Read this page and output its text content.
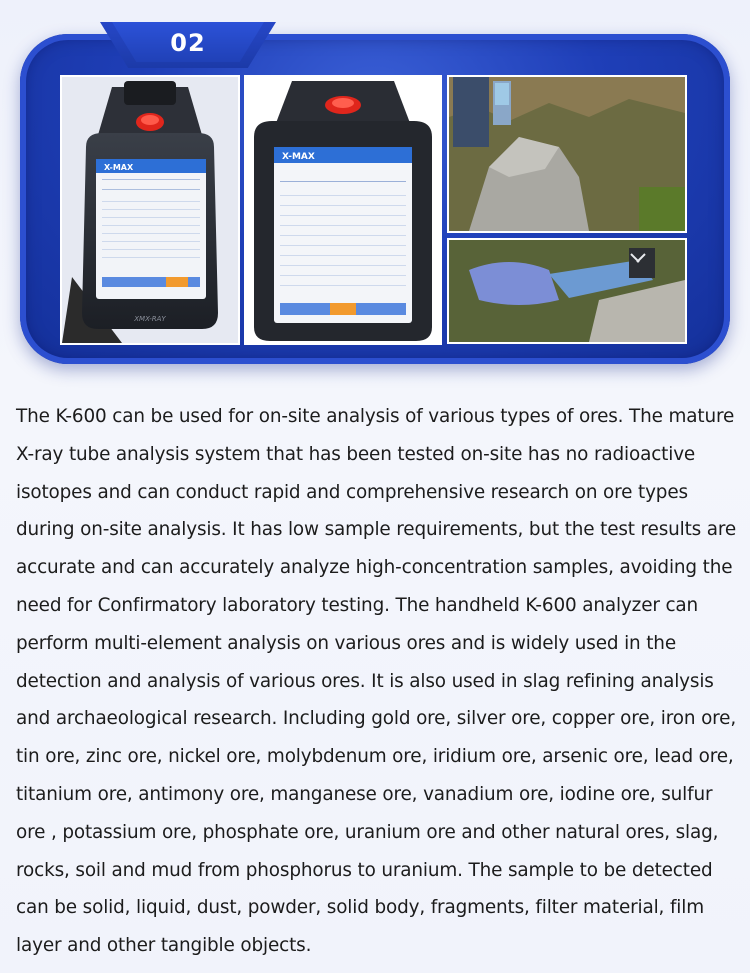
02
X-MAX
XMX-RAY
X-MAX
The K-600 can be used for on-site analysis of various types of ores. The mature
X-ray tube analysis system that has been tested on-site has no radioactive
isotopes and can conduct rapid and comprehensive research on ore types
during on-site analysis. It has low sample requirements, but the test results are
accurate and can accurately analyze high-concentration samples, avoiding the
need for Confirmatory laboratory testing. The handheld K-600 analyzer can
perform multi-element analysis on various ores and is widely used in the
detection and analysis of various ores. It is also used in slag refining analysis
and archaeological research. Including gold ore, silver ore, copper ore, iron ore,
tin ore, zinc ore, nickel ore, molybdenum ore, iridium ore, arsenic ore, lead ore,
titanium ore, antimony ore, manganese ore, vanadium ore, iodine ore, sulfur
ore , potassium ore, phosphate ore, uranium ore and other natural ores, slag,
rocks, soil and mud from phosphorus to uranium. The sample to be detected
can be solid, liquid, dust, powder, solid body, fragments, filter material, film
layer and other tangible objects.
